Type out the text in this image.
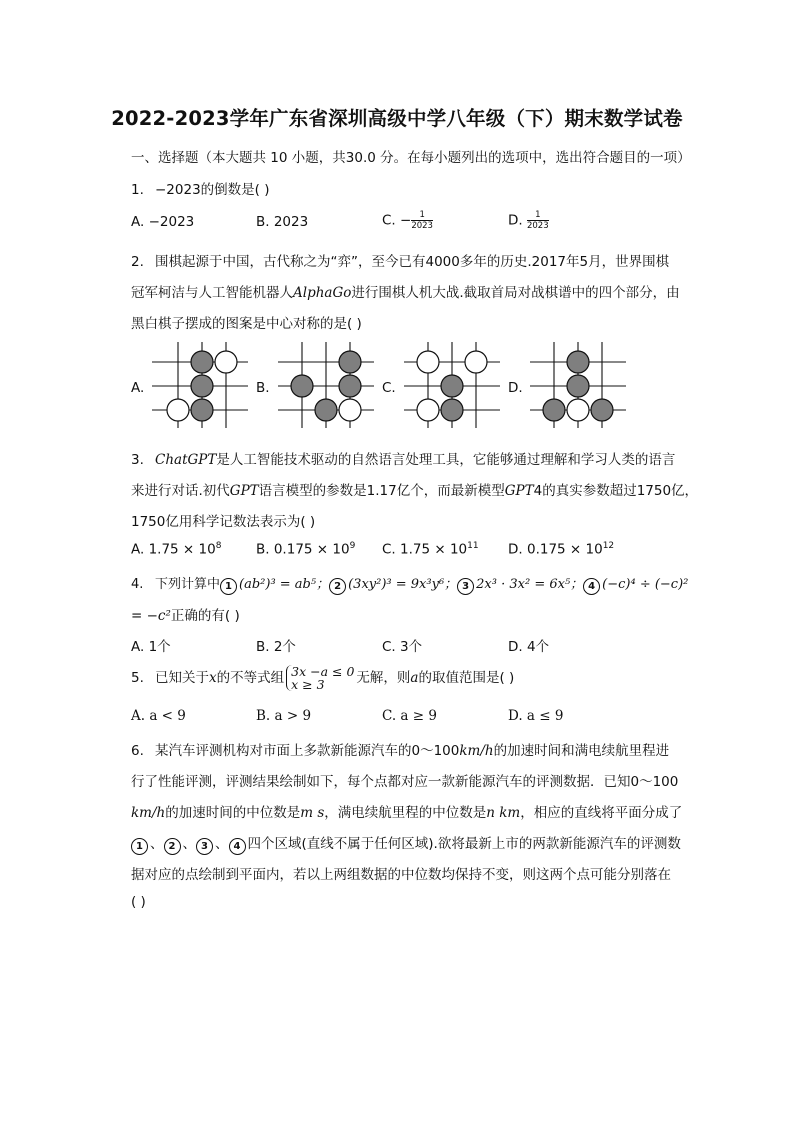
2022-2023学年广东省深圳高级中学八年级（下）期末数学试卷
一、选择题（本大题共 10 小题，共30.0 分。在每小题列出的选项中，选出符合题目的一项）
1. −2023的倒数是( )
A. −2023	B. 2023	C. − $\frac{1}{2023}$	D. $\frac{1}{2023}$
2. 围棋起源于中国，古代称之为“弈”，至今已有4000多年的历史.2017年5月，世界围棋
冠军柯洁与人工智能机器人AlphaGo进行围棋人机大战.截取首局对战棋谱中的四个部分，由
黑白棋子摆成的图案是中心对称的是( )
A.	B.	C.	D.
3. ChatGPT是人工智能技术驱动的自然语言处理工具，它能够通过理解和学习人类的语言
来进行对话.初代GPT语言模型的参数是1.17亿个，而最新模型GPT4的真实参数超过1750亿，
1750亿用科学记数法表示为( )
A. $1.75 \times 10^8$	B. $0.175 \times 10^9$ C. $1.75 \times 10^{11}$ D. $0.175 \times 10^{12}$
4. 下列计算中 1 (ab²)³ = ab⁵； 2 (3xy²)³ = 9x³y⁶； 3 2x³ · 3x² = 6x⁵； 4 (−c)⁴ ÷ (−c)²
= −c²正确的有( )
A. 1个	B. 2个	C. 3个	D. 4个
5. 已知关于x的不等式组 3x −a ≤ 0
x ≥ 3	无解，则a的取值范围是( )
A. a < 9	B. a > 9	C. a ≥ 9	D. a ≤ 9
6. 某汽车评测机构对市面上多款新能源汽车的0～100km/h的加速时间和满电续航里程进
行了性能评测，评测结果绘制如下，每个点都对应一款新能源汽车的评测数据．已知0～100
km/h的加速时间的中位数是m s，满电续航里程的中位数是n km，相应的直线将平面分成了
1 、 2 、 3 、 4 四个区域(直线不属于任何区域).欲将最新上市的两款新能源汽车的评测数
据对应的点绘制到平面内，若以上两组数据的中位数均保持不变，则这两个点可能分别落在
( )
